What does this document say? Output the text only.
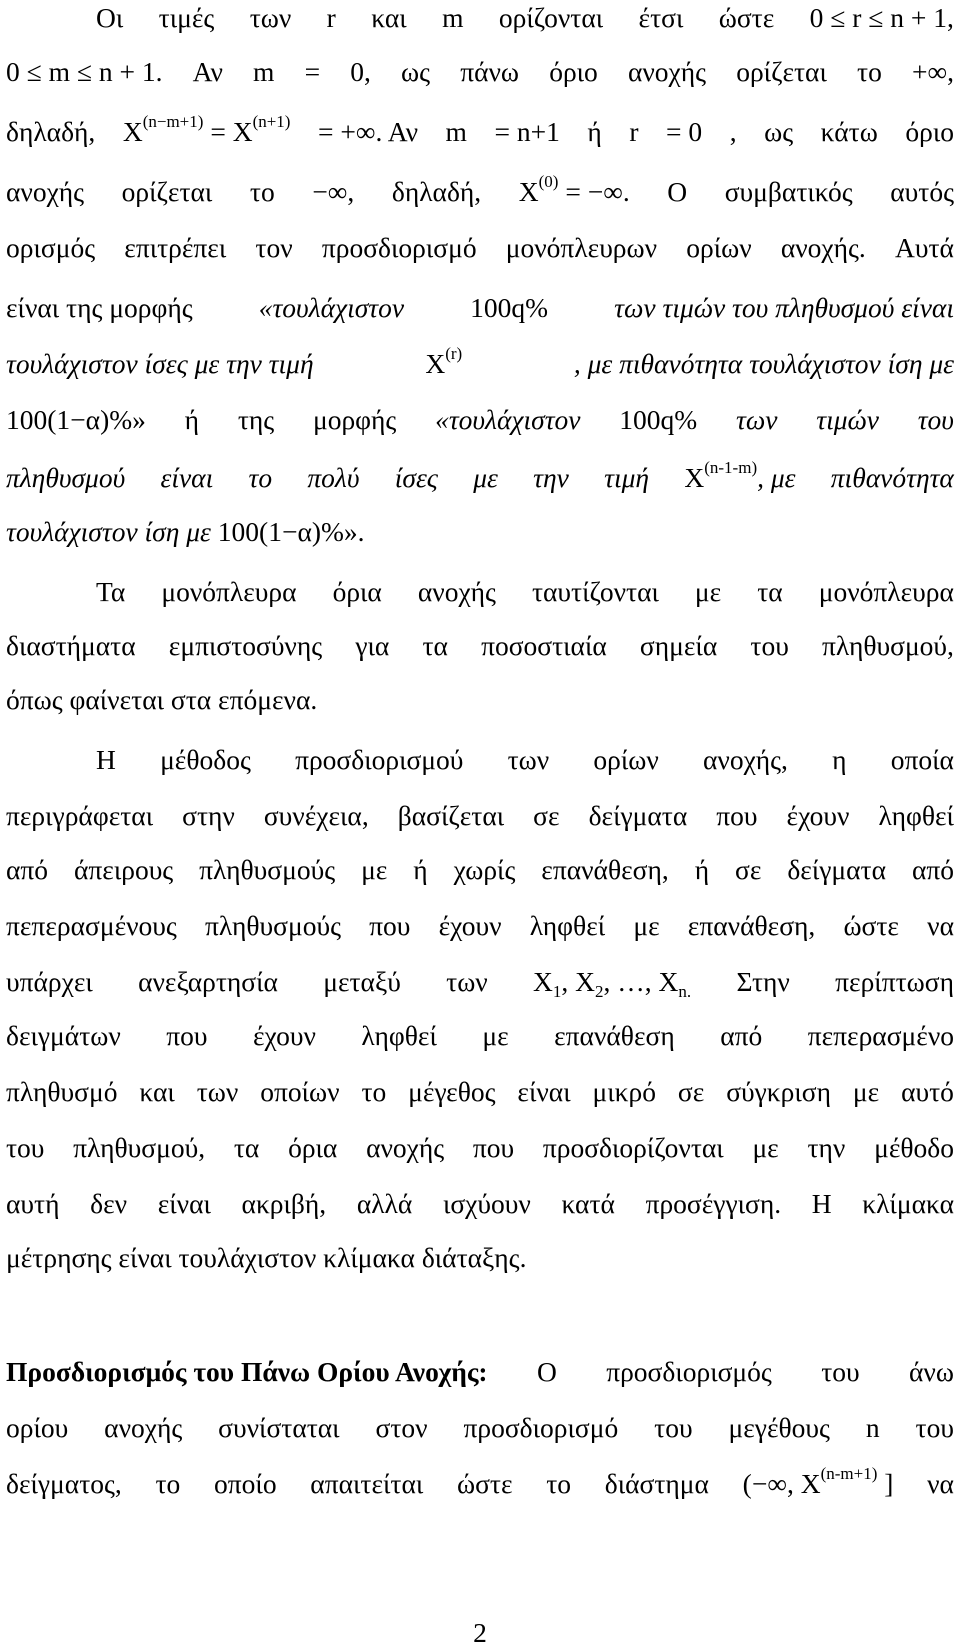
Οι τιμές των r και m ορίζονται έτσι ώστε 0 ≤ r ≤ n + 1,
0 ≤ m ≤ n + 1. Αν m = 0, ως πάνω όριο ανοχής ορίζεται το +∞,
δηλαδή, $X^{(n-m+1)} = X^{(n+1)}$ = +∞. Αν m = n+1 ή r = 0 , ως κάτω όριο
ανοχής ορίζεται το −∞, δηλαδή, $X^{(0)}$ = −∞. Ο συμβατικός αυτός
ορισμός επιτρέπει τον προσδιορισμό μονόπλευρων ορίων ανοχής. Αυτά
είναι της μορφής «τουλάχιστον 100q% των τιμών του πληθυσμού είναι
τουλάχιστον ίσες με την τιμή	$X^{(r)}$	, με πιθανότητα τουλάχιστον ίση με
100(1−α)%» ή της μορφής «τουλάχιστον 100q% των τιμών του
πληθυσμού είναι το πολύ ίσες με την τιμή $X^{(n-1-m)}$, με πιθανότητα
τουλάχιστον ίση με
100(1−α)%».
Τα μονόπλευρα όρια ανοχής ταυτίζονται με τα μονόπλευρα
διαστήματα εμπιστοσύνης για τα ποσοστιαία σημεία του πληθυσμού,
όπως φαίνεται στα επόμενα.
Η μέθοδος προσδιορισμού των ορίων ανοχής, η οποία
περιγράφεται στην συνέχεια, βασίζεται σε δείγματα που έχουν ληφθεί
από άπειρους πληθυσμούς με ή χωρίς επανάθεση, ή σε δείγματα από
πεπερασμένους πληθυσμούς που έχουν ληφθεί με επανάθεση, ώστε να
υπάρχει ανεξαρτησία μεταξύ των $X_1$, $X_2$, …, $X_{n.}$ Στην περίπτωση
δειγμάτων που έχουν ληφθεί με επανάθεση από πεπερασμένο
πληθυσμό και των οποίων το μέγεθος είναι μικρό σε σύγκριση με αυτό
του πληθυσμού, τα όρια ανοχής που προσδιορίζονται με την μέθοδο
αυτή δεν είναι ακριβή, αλλά ισχύουν κατά προσέγγιση. Η κλίμακα
μέτρησης είναι τουλάχιστον κλίμακα διάταξης.
Προσδιορισμός του Πάνω Ορίου Ανοχής: Ο προσδιορισμός του άνω
ορίου ανοχής συνίσταται στον προσδιορισμό του μεγέθους n του
δείγματος, το οποίο απαιτείται ώστε το διάστημα (−∞, $X^{(n-m+1)}$ ] να
2
